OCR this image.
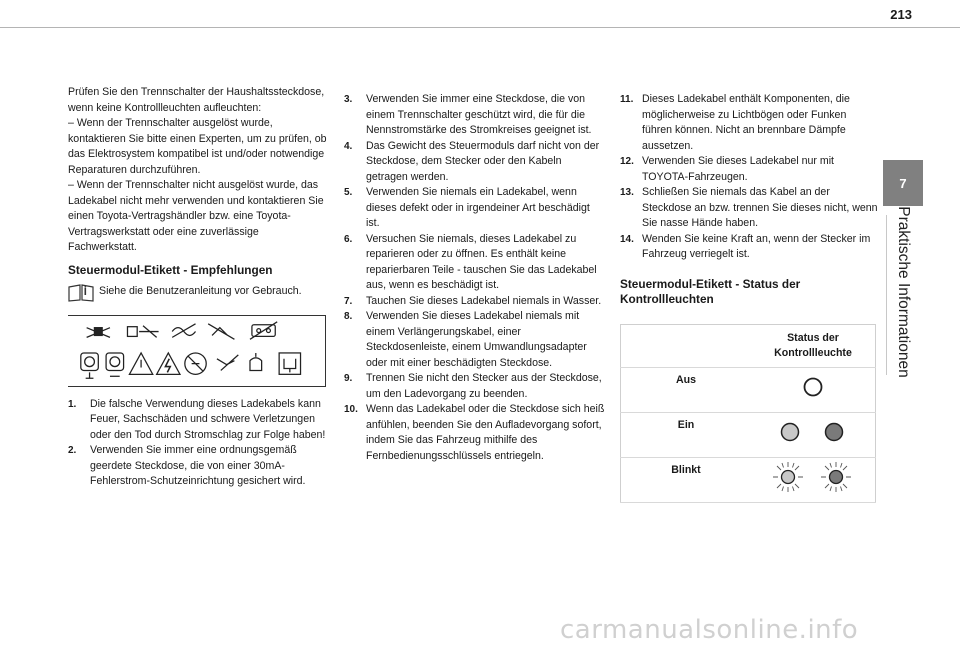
213
7
Praktische Informationen

Prüfen Sie den Trennschalter der Haushaltssteckdose, wenn keine Kontrollleuchten aufleuchten:

– Wenn der Trennschalter ausgelöst wurde, kontaktieren Sie bitte einen Experten, um zu prüfen, ob das Elektrosystem kompatibel ist und/oder notwendige Reparaturen durchzuführen.

– Wenn der Trennschalter nicht ausgelöst wurde, das Ladekabel nicht mehr verwenden und kontaktieren Sie einen Toyota-Vertragshändler bzw. eine Toyota-Vertragswerkstatt oder eine zuverlässige Fachwerkstatt.

Steuermodul-Etikett - Empfehlungen
Siehe die Benutzeranleitung vor Gebrauch.
1.	Die falsche Verwendung dieses Ladekabels kann Feuer, Sachschäden und schwere Verletzungen oder den Tod durch Stromschlag zur Folge haben!
2.	Verwenden Sie immer eine ordnungsgemäß geerdete Steckdose, die von einer 30mA-Fehlerstrom-Schutzeinrichtung gesichert wird.
3.	Verwenden Sie immer eine Steckdose, die von einem Trennschalter geschützt wird, die für die Nennstromstärke des Stromkreises geeignet ist.
4.	Das Gewicht des Steuermoduls darf nicht von der Steckdose, dem Stecker oder den Kabeln getragen werden.
5.	Verwenden Sie niemals ein Ladekabel, wenn dieses defekt oder in irgendeiner Art beschädigt ist.
6.	Versuchen Sie niemals, dieses Ladekabel zu reparieren oder zu öffnen. Es enthält keine reparierbaren Teile - tauschen Sie das Ladekabel aus, wenn es beschädigt ist.
7.	Tauchen Sie dieses Ladekabel niemals in Wasser.
8.	Verwenden Sie dieses Ladekabel niemals mit einem Verlängerungskabel, einer Steckdosenleiste, einem Umwandlungsadapter oder mit einer beschädigten Steckdose.
9.	Trennen Sie nicht den Stecker aus der Steckdose, um den Ladevorgang zu beenden.
10. Wenn das Ladekabel oder die Steckdose sich heiß anfühlen, beenden Sie den Aufladevorgang sofort, indem Sie das Fahrzeug mithilfe des Fernbedienungsschlüssels entriegeln.
11. Dieses Ladekabel enthält Komponenten, die möglicherweise zu Lichtbögen oder Funken führen können. Nicht an brennbare Dämpfe aussetzen.
12. Verwenden Sie dieses Ladekabel nur mit TOYOTA-Fahrzeugen.
13. Schließen Sie niemals das Kabel an der Steckdose an bzw. trennen Sie dieses nicht, wenn Sie nasse Hände haben.
14. Wenden Sie keine Kraft an, wenn der Stecker im Fahrzeug verriegelt ist.
Steuermodul-Etikett - Status der Kontrollleuchten
	Status der Kontrollleuchte
Aus	
Ein	
Blinkt	
carmanualsonline.info
